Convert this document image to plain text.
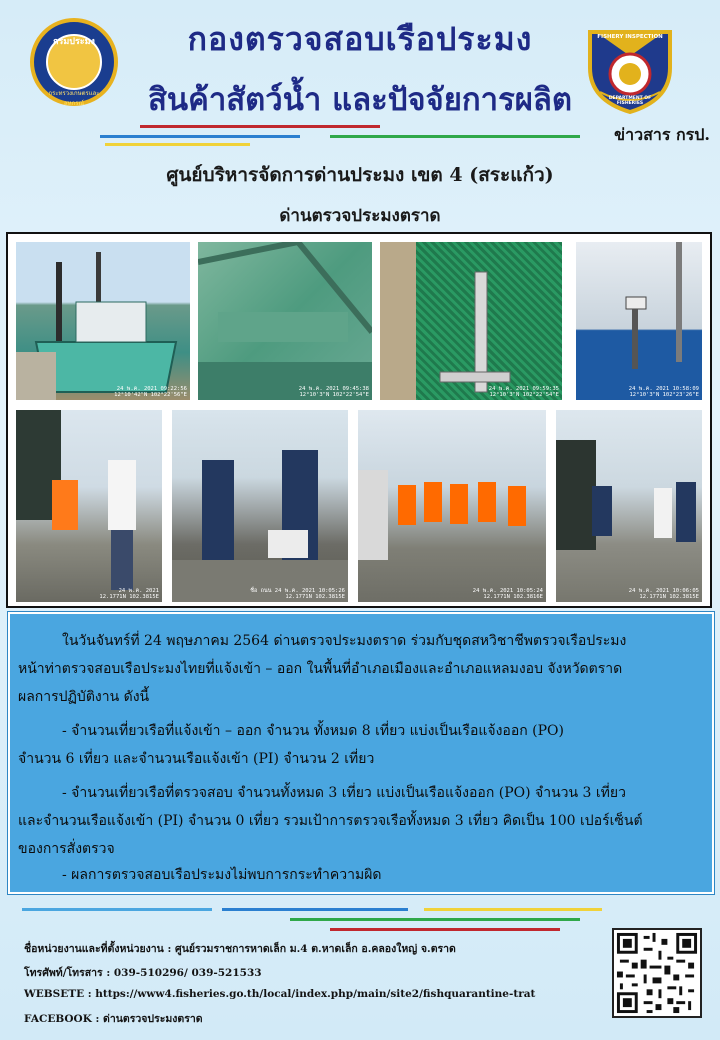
กรมประมง
กระทรวงเกษตรและสหกรณ์
FISHERY INSPECTION
DEPARTMENT OF FISHERIES
กองตรวจสอบเรือประมง
สินค้าสัตว์น้ำ และปัจจัยการผลิต
ข่าวสาร กรป.
ศูนย์บริหารจัดการด่านประมง เขต 4 (สระแก้ว)
ด่านตรวจประมงตราด
24 พ.ค. 2021 09:22:56
12°10'42"N 102°22'56"E
24 พ.ค. 2021 09:45:38
12°10'3"N 102°22'54"E
24 พ.ค. 2021 09:59:35
12°10'3"N 102°22'54"E
24 พ.ค. 2021 10:58:09
12°10'3"N 102°23'26"E
24 พ.ค. 2021
12.1771N 102.3815E
ชื่อ ถนน 24 พ.ค. 2021 10:05:26
12.1771N 102.3815E
24 พ.ค. 2021 10:05:24
12.1771N 102.3816E
24 พ.ค. 2021 10:06:05
12.1771N 102.3815E
ในวันจันทร์ที่ 24 พฤษภาคม 2564 ด่านตรวจประมงตราด ร่วมกับชุดสหวิชาชีพตรวจเรือประมง
หน้าท่าตรวจสอบเรือประมงไทยที่แจ้งเข้า – ออก ในพื้นที่อำเภอเมืองและอำเภอแหลมงอบ จังหวัดตราด
ผลการปฏิบัติงาน ดังนี้
- จำนวนเที่ยวเรือที่แจ้งเข้า – ออก จำนวน ทั้งหมด 8 เที่ยว แบ่งเป็นเรือแจ้งออก (PO)
จำนวน 6 เที่ยว และจำนวนเรือแจ้งเข้า (PI) จำนวน 2 เที่ยว
- จำนวนเที่ยวเรือที่ตรวจสอบ จำนวนทั้งหมด 3 เที่ยว แบ่งเป็นเรือแจ้งออก (PO) จำนวน 3 เที่ยว
และจำนวนเรือแจ้งเข้า (PI) จำนวน 0 เที่ยว รวมเป้าการตรวจเรือทั้งหมด 3 เที่ยว คิดเป็น 100 เปอร์เซ็นต์
ของการสั่งตรวจ
- ผลการตรวจสอบเรือประมงไม่พบการกระทำความผิด
ชื่อหน่วยงานและที่ตั้งหน่วยงาน : ศูนย์รวมราชการหาดเล็ก ม.4 ต.หาดเล็ก อ.คลองใหญ่ จ.ตราด
โทรศัพท์/โทรสาร : 039-510296/ 039-521533
WEBSETE : https://www4.fisheries.go.th/local/index.php/main/site2/fishquarantine-trat
FACEBOOK : ด่านตรวจประมงตราด
